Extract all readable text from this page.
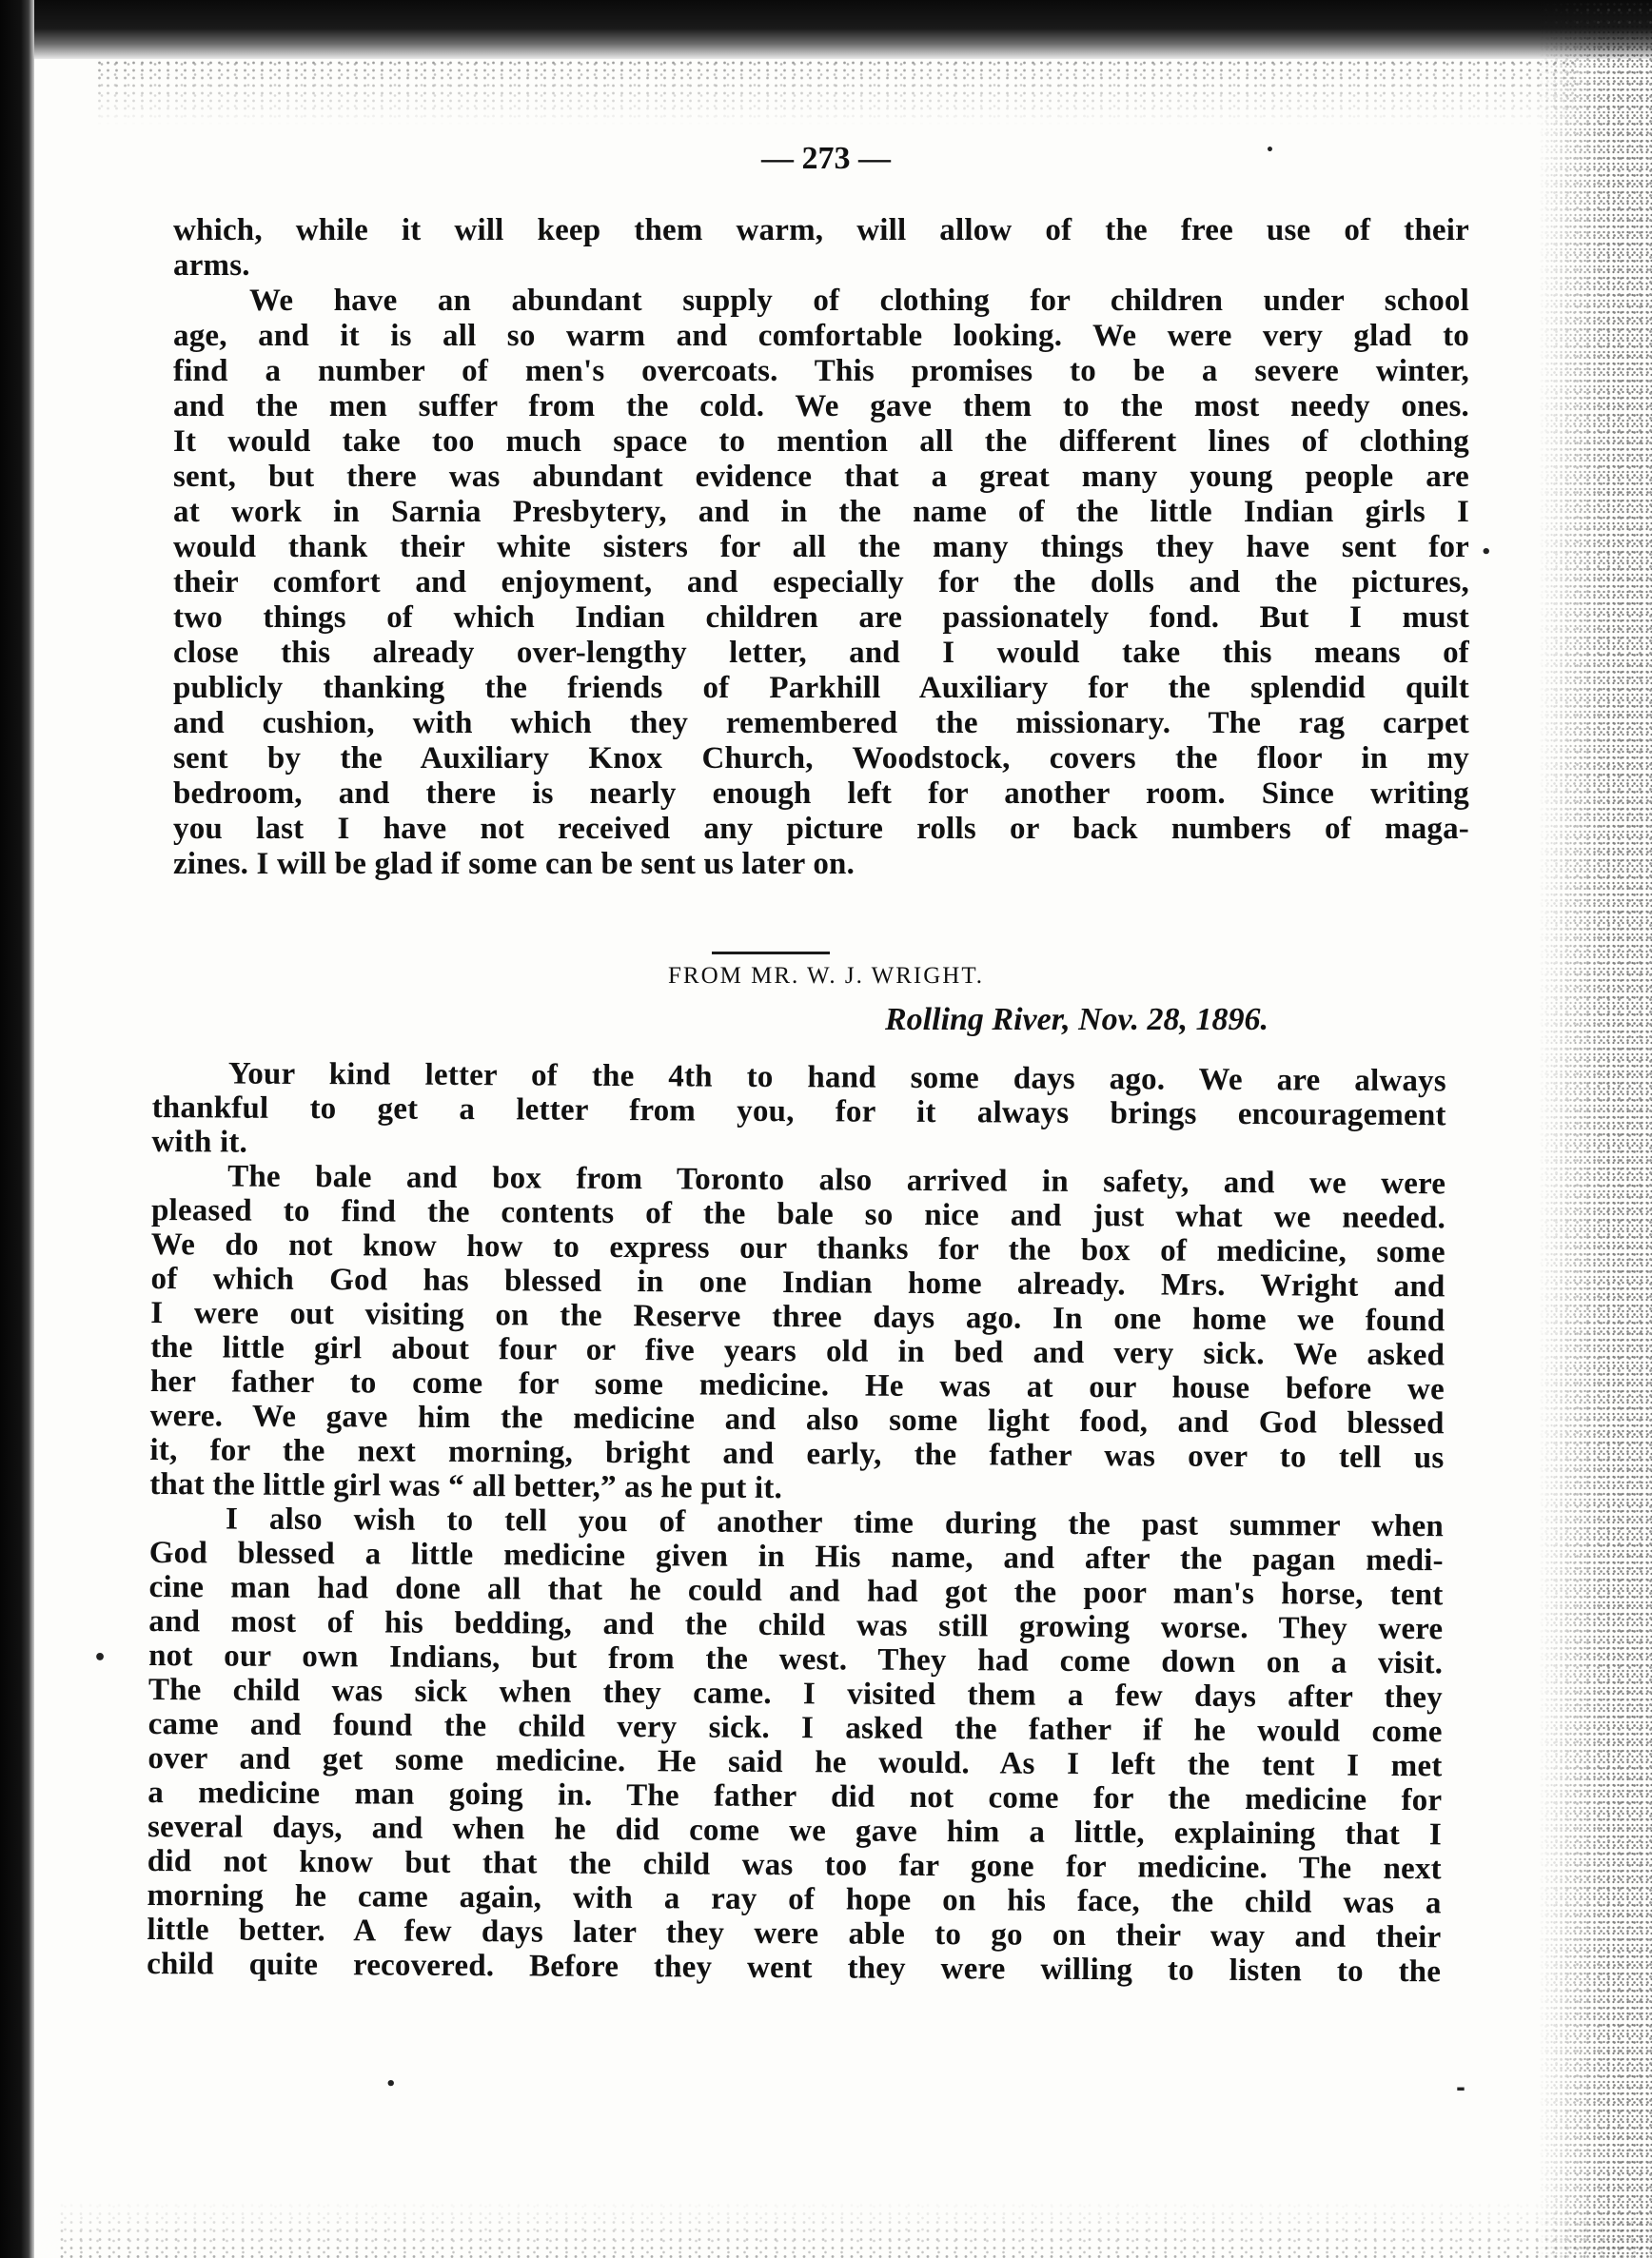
— 273 —
which, while it will keep them warm, will allow of the free use of their
arms.
We have an abundant supply of clothing for children under school
age, and it is all so warm and comfortable looking. We were very glad to
find a number of men's overcoats. This promises to be a severe winter,
and the men suffer from the cold. We gave them to the most needy ones.
It would take too much space to mention all the different lines of clothing
sent, but there was abundant evidence that a great many young people are
at work in Sarnia Presbytery, and in the name of the little Indian girls I
would thank their white sisters for all the many things they have sent for
their comfort and enjoyment, and especially for the dolls and the pictures,
two things of which Indian children are passionately fond. But I must
close this already over-lengthy letter, and I would take this means of
publicly thanking the friends of Parkhill Auxiliary for the splendid quilt
and cushion, with which they remembered the missionary. The rag carpet
sent by the Auxiliary Knox Church, Woodstock, covers the floor in my
bedroom, and there is nearly enough left for another room. Since writing
you last I have not received any picture rolls or back numbers of maga-
zines. I will be glad if some can be sent us later on.
FROM MR. W. J. WRIGHT.
Rolling River, Nov. 28, 1896.
Your kind letter of the 4th to hand some days ago. We are always
thankful to get a letter from you, for it always brings encouragement
with it.
The bale and box from Toronto also arrived in safety, and we were
pleased to find the contents of the bale so nice and just what we needed.
We do not know how to express our thanks for the box of medicine, some
of which God has blessed in one Indian home already. Mrs. Wright and
I were out visiting on the Reserve three days ago. In one home we found
the little girl about four or five years old in bed and very sick. We asked
her father to come for some medicine. He was at our house before we
were. We gave him the medicine and also some light food, and God blessed
it, for the next morning, bright and early, the father was over to tell us
that the little girl was “ all better,” as he put it.
I also wish to tell you of another time during the past summer when
God blessed a little medicine given in His name, and after the pagan medi-
cine man had done all that he could and had got the poor man's horse, tent
and most of his bedding, and the child was still growing worse. They were
not our own Indians, but from the west. They had come down on a visit.
The child was sick when they came. I visited them a few days after they
came and found the child very sick. I asked the father if he would come
over and get some medicine. He said he would. As I left the tent I met
a medicine man going in. The father did not come for the medicine for
several days, and when he did come we gave him a little, explaining that I
did not know but that the child was too far gone for medicine. The next
morning he came again, with a ray of hope on his face, the child was a
little better. A few days later they were able to go on their way and their
child quite recovered. Before they went they were willing to listen to the
•
•
•
•
-
